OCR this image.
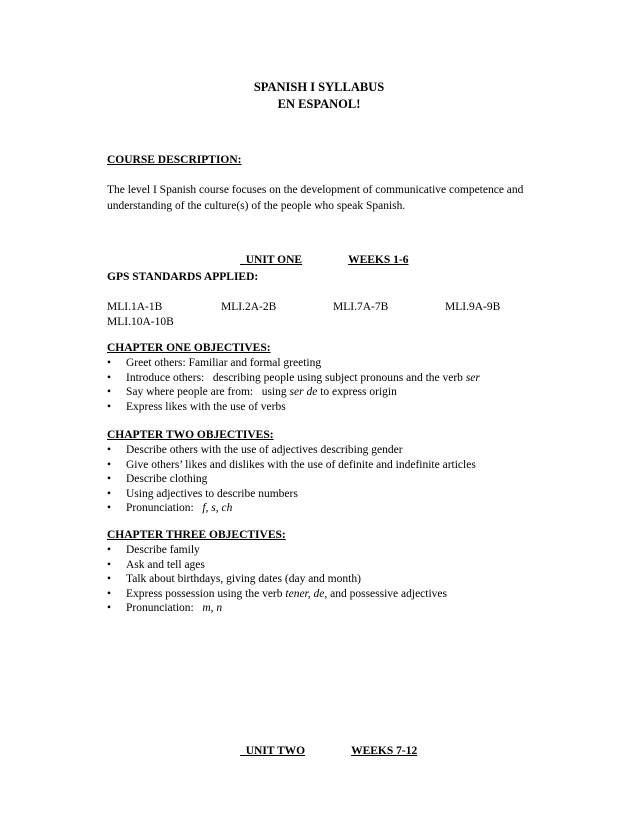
SPANISH I SYLLABUS
EN ESPANOL!
COURSE DESCRIPTION:
The level I Spanish course focuses on the development of communicative competence and
understanding of the culture(s) of the people who speak Spanish.

UNIT ONE	WEEKS 1-6

GPS STANDARDS APPLIED:
MLI.1A-1B	MLI.2A-2B	MLI.7A-7B	MLI.9A-9B
MLI.10A-10B
CHAPTER ONE OBJECTIVES:
• Greet others: Familiar and formal greeting
• Introduce others:   describing people using subject pronouns and the verb ser
• Say where people are from:   using ser de to express origin
• Express likes with the use of verbs
CHAPTER TWO OBJECTIVES:
• Describe others with the use of adjectives describing gender
• Give others’ likes and dislikes with the use of definite and indefinite articles
• Describe clothing
• Using adjectives to describe numbers
• Pronunciation:   f, s, ch
CHAPTER THREE OBJECTIVES:
• Describe family
• Ask and tell ages
• Talk about birthdays, giving dates (day and month)
• Express possession using the verb tener, de, and possessive adjectives
• Pronunciation:   m, n

UNIT TWO	WEEKS 7-12
